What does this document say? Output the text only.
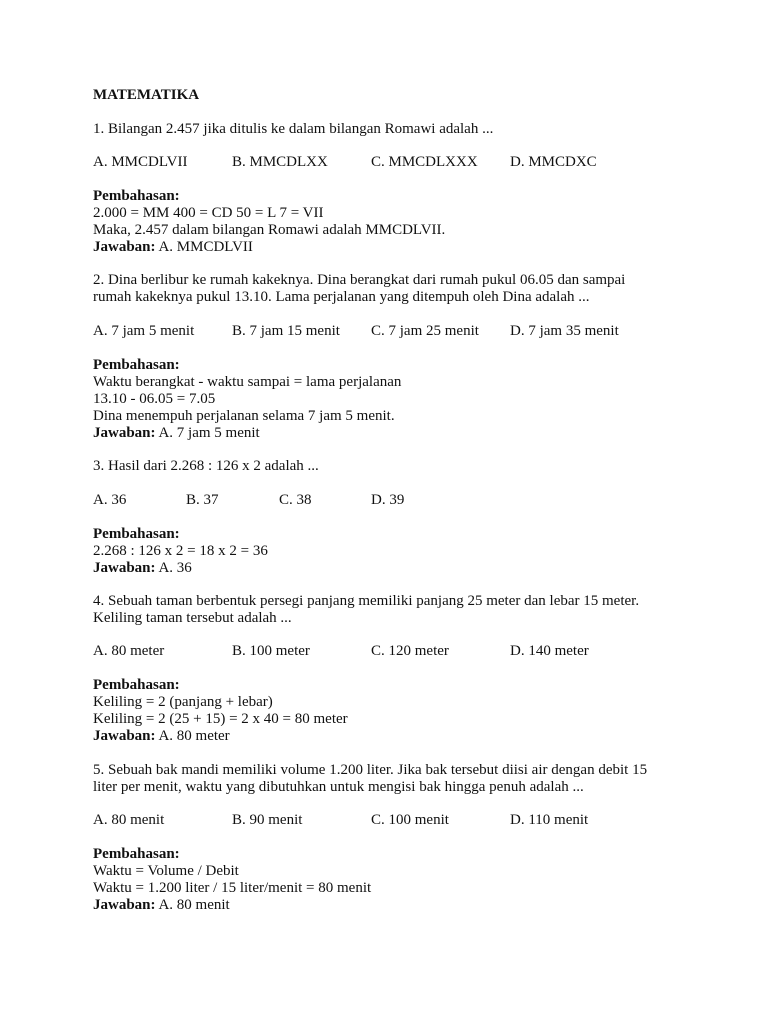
MATEMATIKA
1. Bilangan 2.457 jika ditulis ke dalam bilangan Romawi adalah ...
A. MMCDLVII	B. MMCDLXX	C. MMCDLXXX D. MMCDXC
Pembahasan:
2.000 = MM 400 = CD 50 = L 7 = VII
Maka, 2.457 dalam bilangan Romawi adalah MMCDLVII.
Jawaban: A. MMCDLVII
2. Dina berlibur ke rumah kakeknya. Dina berangkat dari rumah pukul 06.05 dan sampai
rumah kakeknya pukul 13.10. Lama perjalanan yang ditempuh oleh Dina adalah ...
A. 7 jam 5 menit	B. 7 jam 15 menit C. 7 jam 25 menit D. 7 jam 35 menit
Pembahasan:
Waktu berangkat - waktu sampai = lama perjalanan
13.10 - 06.05 = 7.05
Dina menempuh perjalanan selama 7 jam 5 menit.
Jawaban: A. 7 jam 5 menit
3. Hasil dari 2.268 : 126 x 2 adalah ...
A. 36	B. 37	C. 38	D. 39
Pembahasan:
2.268 : 126 x 2 = 18 x 2 = 36
Jawaban: A. 36
4. Sebuah taman berbentuk persegi panjang memiliki panjang 25 meter dan lebar 15 meter.
Keliling taman tersebut adalah ...
A. 80 meter	B. 100 meter	C. 120 meter	D. 140 meter
Pembahasan:
Keliling = 2 (panjang + lebar)
Keliling = 2 (25 + 15) = 2 x 40 = 80 meter
Jawaban: A. 80 meter
5. Sebuah bak mandi memiliki volume 1.200 liter. Jika bak tersebut diisi air dengan debit 15
liter per menit, waktu yang dibutuhkan untuk mengisi bak hingga penuh adalah ...
A. 80 menit	B. 90 menit	C. 100 menit	D. 110 menit
Pembahasan:
Waktu = Volume / Debit
Waktu = 1.200 liter / 15 liter/menit = 80 menit
Jawaban: A. 80 menit
